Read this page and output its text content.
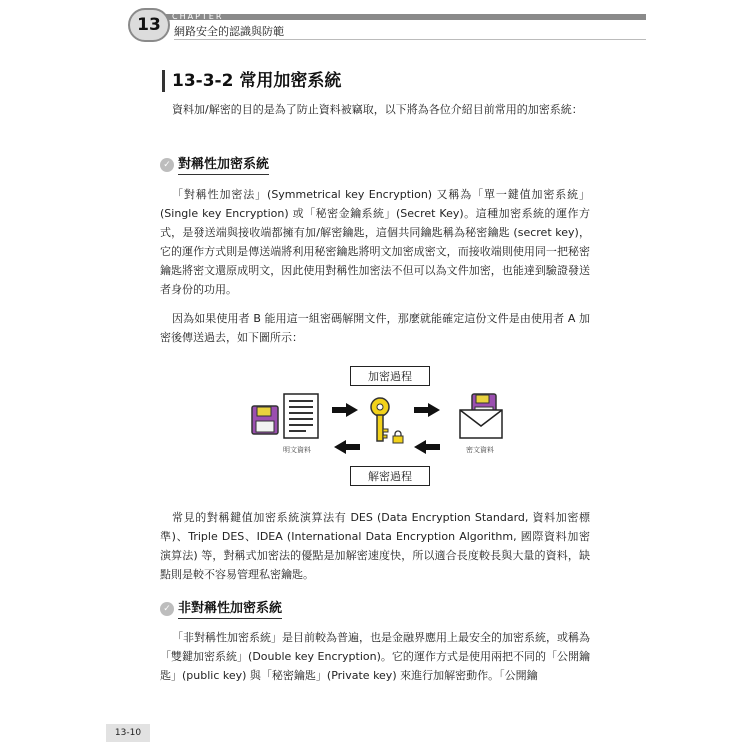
CHAPTER
13	網路安全的認識與防範
13-3-2 常用加密系統

資料加/解密的目的是為了防止資料被竊取，以下將為各位介紹目前常用的加密系統：

✓ 對稱性加密系統

「對稱性加密法」(Symmetrical key Encryption) 又稱為「單一鍵值加密系統」(Single key Encryption) 或「秘密金鑰系統」(Secret Key)。這種加密系統的運作方式，是發送端與接收端都擁有加/解密鑰匙，這個共同鑰匙稱為秘密鑰匙 (secret key)，它的運作方式則是傳送端將利用秘密鑰匙將明文加密成密文，而接收端則使用同一把秘密鑰匙將密文還原成明文，因此使用對稱性加密法不但可以為文件加密，也能達到驗證發送者身份的功用。

因為如果使用者 B 能用這一組密碼解開文件，那麼就能確定這份文件是由使用者 A 加密後傳送過去，如下圖所示：

加密過程
解密過程
明文資料	密文資料

常見的對稱鍵值加密系統演算法有 DES (Data Encryption Standard, 資料加密標準)、Triple DES、IDEA (International Data Encryption Algorithm, 國際資料加密演算法) 等，對稱式加密法的優點是加解密速度快，所以適合長度較長與大量的資料，缺點則是較不容易管理私密鑰匙。

✓ 非對稱性加密系統

「非對稱性加密系統」是目前較為普遍，也是金融界應用上最安全的加密系統，或稱為「雙鍵加密系統」(Double key Encryption)。它的運作方式是使用兩把不同的「公開鑰匙」(public key) 與「秘密鑰匙」(Private key) 來進行加解密動作。「公開鑰

13-10
